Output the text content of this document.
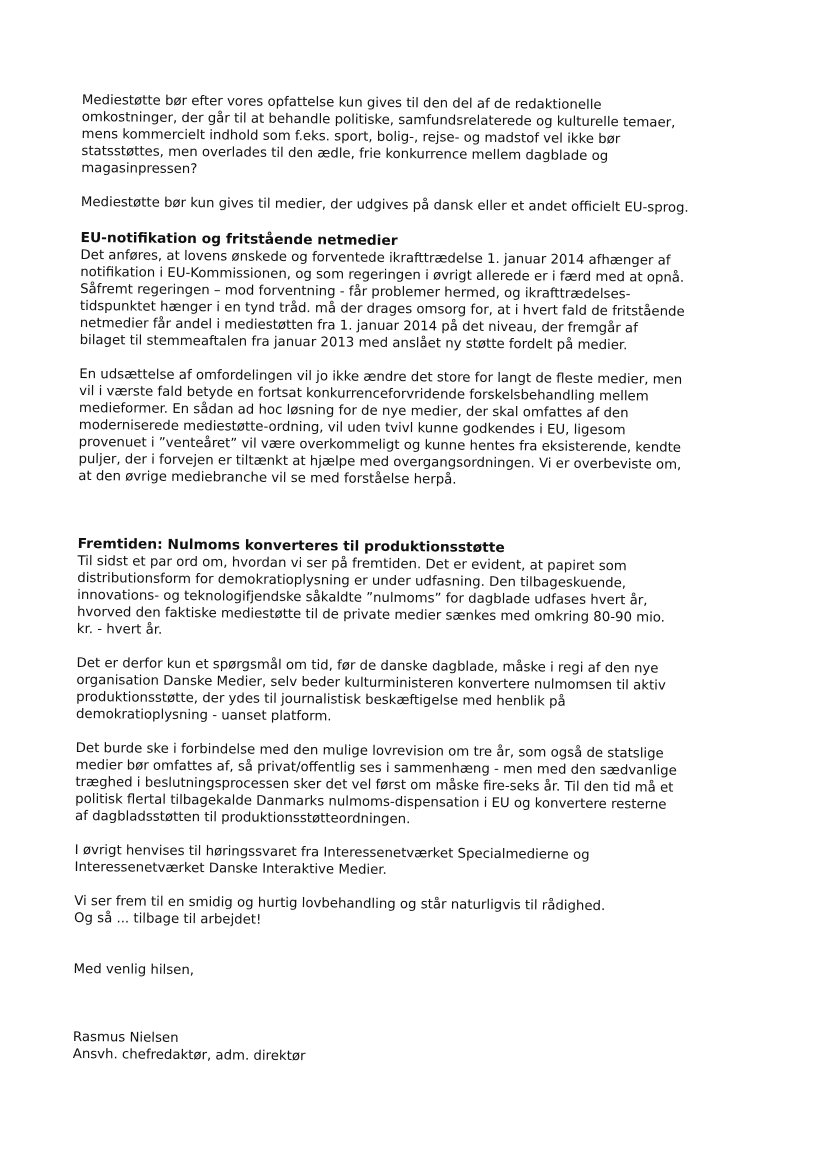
Mediestøtte bør efter vores opfattelse kun gives til den del af de redaktionelle
omkostninger, der går til at behandle politiske, samfundsrelaterede og kulturelle temaer,
mens kommercielt indhold som f.eks. sport, bolig-, rejse- og madstof vel ikke bør
statsstøttes, men overlades til den ædle, frie konkurrence mellem dagblade og
magasinpressen?

Mediestøtte bør kun gives til medier, der udgives på dansk eller et andet officielt EU-sprog.

EU-notifikation og fritstående netmedier

Det anføres, at lovens ønskede og forventede ikrafttrædelse 1. januar 2014 afhænger af
notifikation i EU-Kommissionen, og som regeringen i øvrigt allerede er i færd med at opnå.
Såfremt regeringen – mod forventning - får problemer hermed, og ikrafttrædelses-
tidspunktet hænger i en tynd tråd. må der drages omsorg for, at i hvert fald de fritstående
netmedier får andel i mediestøtten fra 1. januar 2014 på det niveau, der fremgår af
bilaget til stemmeaftalen fra januar 2013 med anslået ny støtte fordelt på medier.

En udsættelse af omfordelingen vil jo ikke ændre det store for langt de fleste medier, men
vil i værste fald betyde en fortsat konkurrenceforvridende forskelsbehandling mellem
medieformer. En sådan ad hoc løsning for de nye medier, der skal omfattes af den
moderniserede mediestøtte-ordning, vil uden tvivl kunne godkendes i EU, ligesom
provenuet i ”venteåret” vil være overkommeligt og kunne hentes fra eksisterende, kendte
puljer, der i forvejen er tiltænkt at hjælpe med overgangsordningen. Vi er overbeviste om,
at den øvrige mediebranche vil se med forståelse herpå.

Fremtiden: Nulmoms konverteres til produktionsstøtte

Til sidst et par ord om, hvordan vi ser på fremtiden. Det er evident, at papiret som
distributionsform for demokratioplysning er under udfasning. Den tilbageskuende,
innovations- og teknologifjendske såkaldte ”nulmoms” for dagblade udfases hvert år,
hvorved den faktiske mediestøtte til de private medier sænkes med omkring 80-90 mio.
kr. - hvert år.

Det er derfor kun et spørgsmål om tid, før de danske dagblade, måske i regi af den nye
organisation Danske Medier, selv beder kulturministeren konvertere nulmomsen til aktiv
produktionsstøtte, der ydes til journalistisk beskæftigelse med henblik på
demokratioplysning - uanset platform.

Det burde ske i forbindelse med den mulige lovrevision om tre år, som også de statslige
medier bør omfattes af, så privat/offentlig ses i sammenhæng - men med den sædvanlige
træghed i beslutningsprocessen sker det vel først om måske fire-seks år. Til den tid må et
politisk flertal tilbagekalde Danmarks nulmoms-dispensation i EU og konvertere resterne
af dagbladsstøtten til produktionsstøtteordningen.

I øvrigt henvises til høringssvaret fra Interessenetværket Specialmedierne og
Interessenetværket Danske Interaktive Medier.

Vi ser frem til en smidig og hurtig lovbehandling og står naturligvis til rådighed.
Og så ... tilbage til arbejdet!

Med venlig hilsen,
Rasmus Nielsen
Ansvh. chefredaktør, adm. direktør
